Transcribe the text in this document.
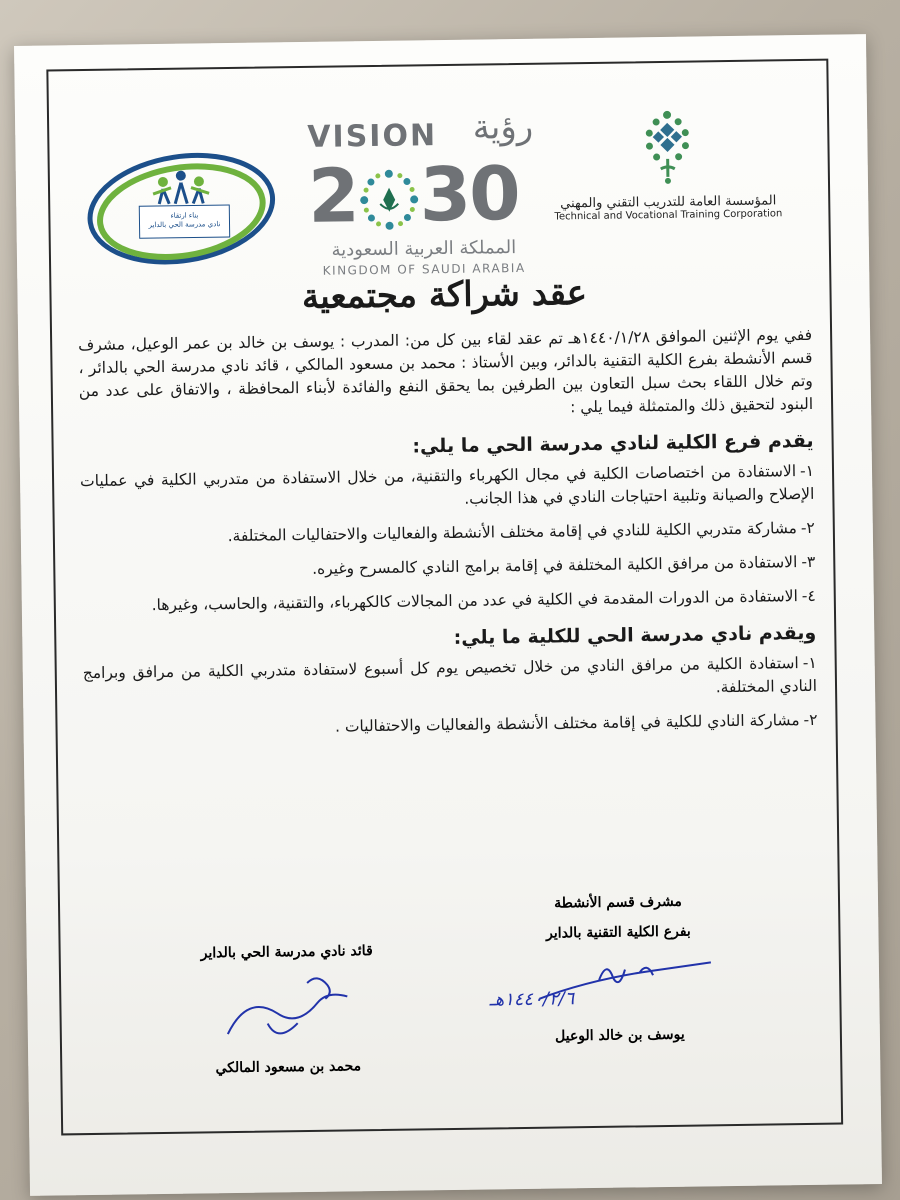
المؤسسة العامة للتدريب التقني والمهني
Technical and Vocational Training Corporation
VISION رؤية
2 30
المملكة العربية السعودية
KINGDOM OF SAUDI ARABIA
بناء ارتقاء
نادي مدرسة الحي بالداير
عقد شراكة مجتمعية

ففي يوم الإثنين الموافق ١٤٤٠/١/٢٨هـ تم عقد لقاء بين كل من: المدرب : يوسف بن خالد بن عمر الوعيل، مشرف قسم الأنشطة بفرع الكلية التقنية بالدائر، وبين الأستاذ : محمد بن مسعود المالكي ، قائد نادي مدرسة الحي بالدائر ، وتم خلال اللقاء بحث سبل التعاون بين الطرفين بما يحقق النفع والفائدة لأبناء المحافظة ، والاتفاق على عدد من البنود لتحقيق ذلك والمتمثلة فيما يلي :

يقدم فرع الكلية لنادي مدرسة الحي ما يلي:

١-الاستفادة من اختصاصات الكلية في مجال الكهرباء والتقنية، من خلال الاستفادة من متدربي الكلية في عمليات الإصلاح والصيانة وتلبية احتياجات النادي في هذا الجانب.

٢-مشاركة متدربي الكلية للنادي في إقامة مختلف الأنشطة والفعاليات والاحتفاليات المختلفة.

٣-الاستفادة من مرافق الكلية المختلفة في إقامة برامج النادي كالمسرح وغيره.

٤-الاستفادة من الدورات المقدمة في الكلية في عدد من المجالات كالكهرباء، والتقنية، والحاسب، وغيرها.

ويقدم نادي مدرسة الحي للكلية ما يلي:

١-استفادة الكلية من مرافق النادي من خلال تخصيص يوم كل أسبوع لاستفادة متدربي الكلية من مرافق وبرامج النادي المختلفة.

٢-مشاركة النادي للكلية في إقامة مختلف الأنشطة والفعاليات والاحتفاليات .

مشرف قسم الأنشطة
بفرع الكلية التقنية بالداير
١٤٤٠/٢/٦هـ
يوسف بن خالد الوعيل
قائد نادي مدرسة الحي بالداير
محمد بن مسعود المالكي
